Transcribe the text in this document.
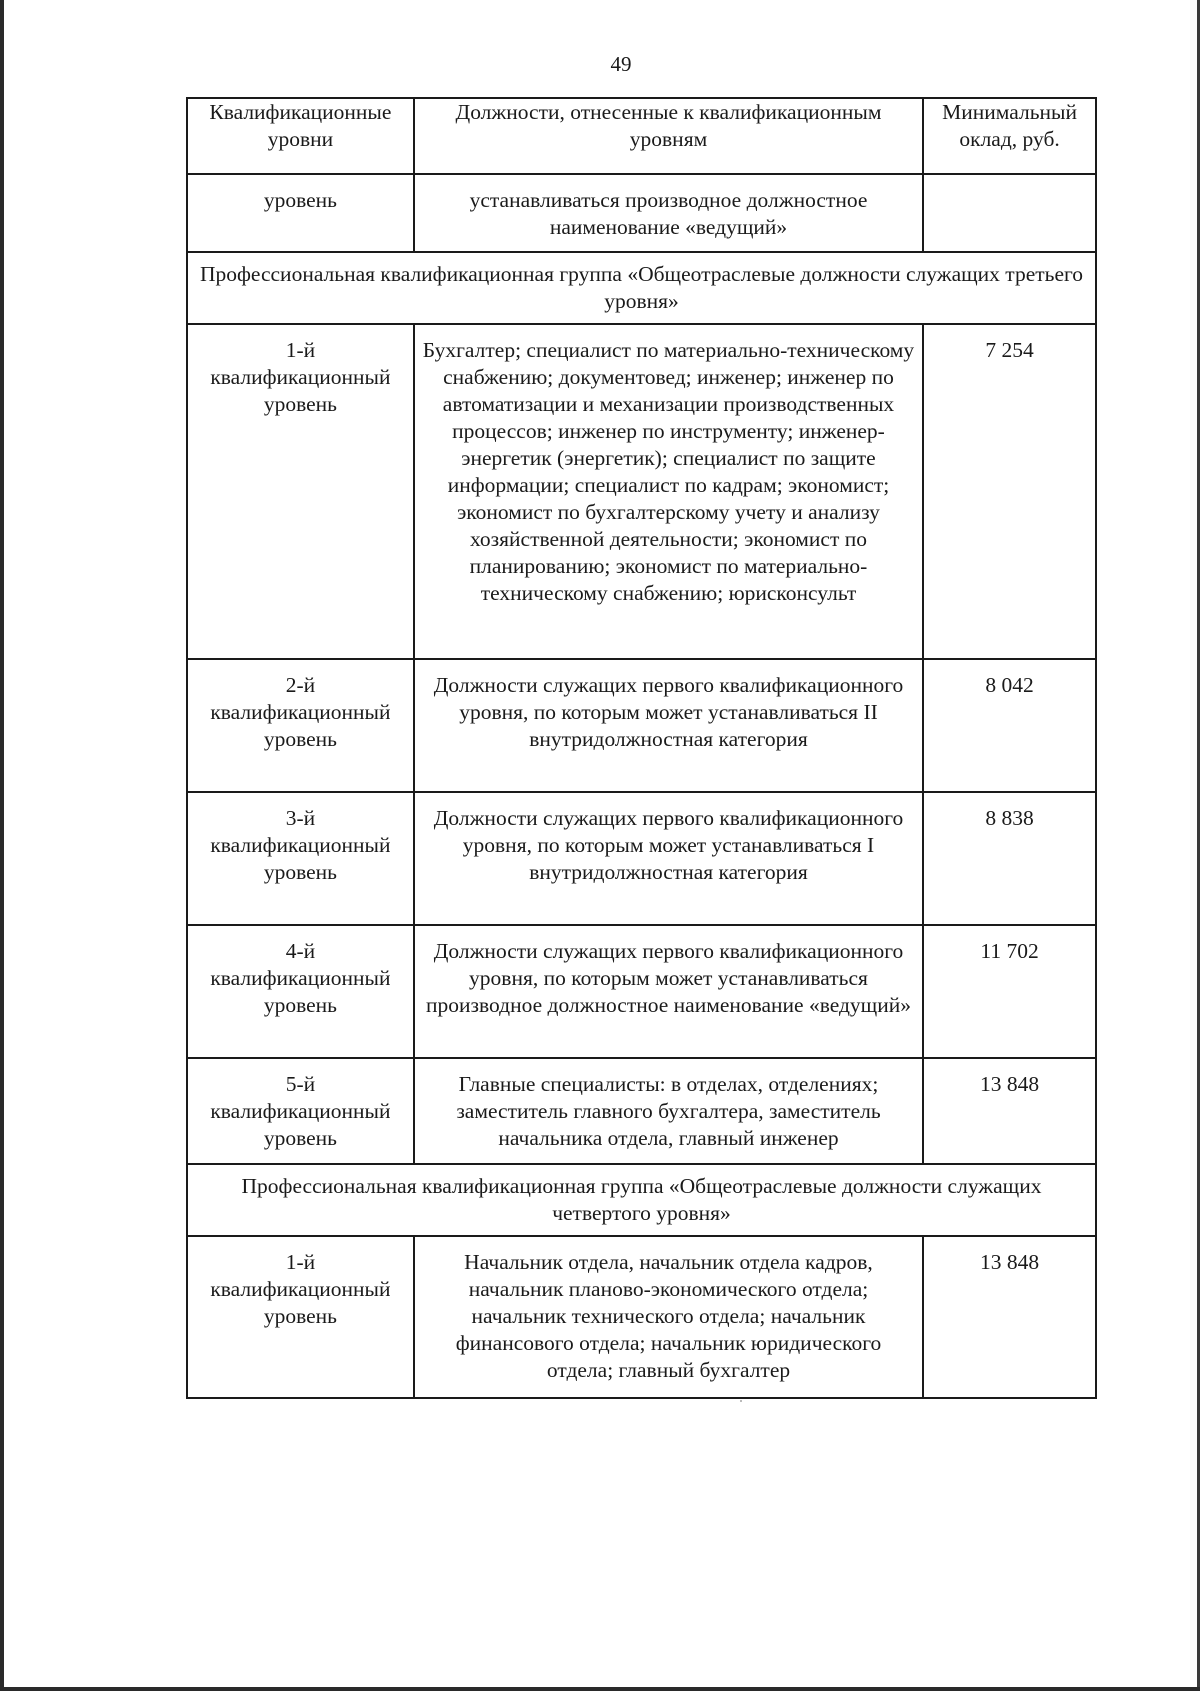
49
Квалификационные уровни	Должности, отнесенные к квалификационным уровням	Минимальный оклад, руб.
уровень	устанавливаться производное должностное наименование «ведущий»	
Профессиональная квалификационная группа «Общеотраслевые должности служащих третьего уровня»		
1-й квалификационный уровень	Бухгалтер; специалист по материально-техническому снабжению; документовед; инженер; инженер по автоматизации и механизации производственных процессов; инженер по инструменту; инженер-энергетик (энергетик); специалист по защите информации; специалист по кадрам; экономист; экономист по бухгалтерскому учету и анализу хозяйственной деятельности; экономист по планированию; экономист по материально-техническому снабжению; юрисконсульт	7 254
2-й квалификационный уровень	Должности служащих первого квалификационного уровня, по которым может устанавливаться II внутридолжностная категория	8 042
3-й квалификационный уровень	Должности служащих первого квалификационного уровня, по которым может устанавливаться I внутридолжностная категория	8 838
4-й квалификационный уровень	Должности служащих первого квалификационного уровня, по которым может устанавливаться производное должностное наименование «ведущий»	11 702
5-й квалификационный уровень	Главные специалисты: в отделах, отделениях; заместитель главного бухгалтера, заместитель начальника отдела, главный инженер	13 848
Профессиональная квалификационная группа «Общеотраслевые должности служащих четвертого уровня»		
1-й квалификационный уровень	Начальник отдела, начальник отдела кадров, начальник планово-экономического отдела; начальник технического отдела; начальник финансового отдела; начальник юридического отдела; главный бухгалтер	13 848
